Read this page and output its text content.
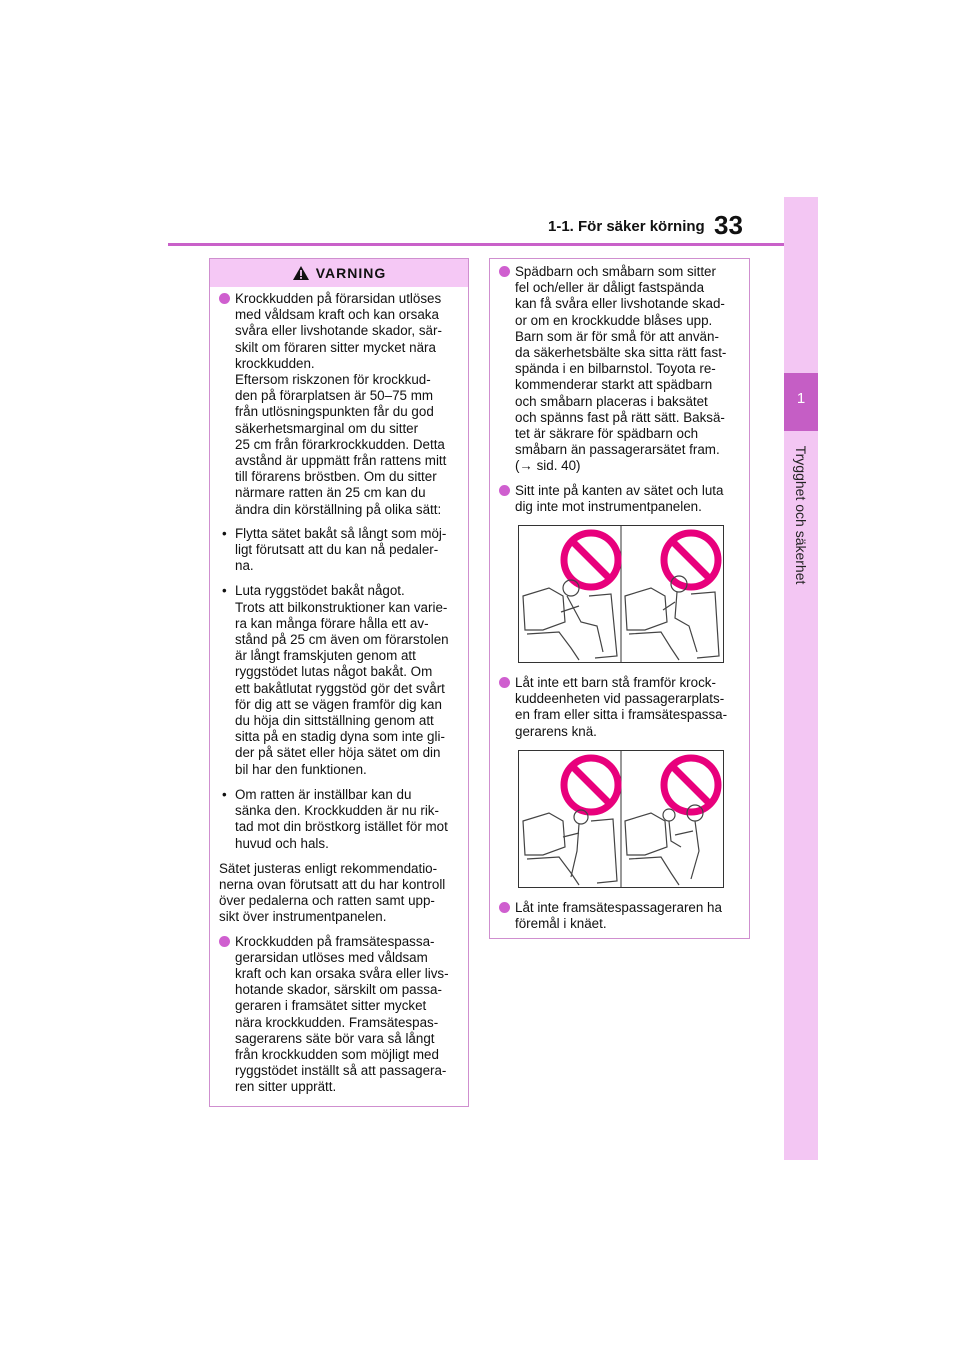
33
1-1. För säker körning
1
Trygghet och säkerhet
VARNING
Krockkudden på förarsidan utlöses
med våldsam kraft och kan orsaka
svåra eller livshotande skador, sär-
skilt om föraren sitter mycket nära
krockkudden.
Eftersom riskzonen för krockkud-
den på förarplatsen är 50–75 mm
från utlösningspunkten får du god
säkerhetsmarginal om du sitter
25 cm från förarkrockkudden. Detta
avstånd är uppmätt från rattens mitt
till förarens bröstben. Om du sitter
närmare ratten än 25 cm kan du
ändra din körställning på olika sätt:
• Flytta sätet bakåt så långt som möj-
ligt förutsatt att du kan nå pedaler-
na.
• Luta ryggstödet bakåt något.
Trots att bilkonstruktioner kan varie-
ra kan många förare hålla ett av-
stånd på 25 cm även om förarstolen
är långt framskjuten genom att
ryggstödet lutas något bakåt. Om
ett bakåtlutat ryggstöd gör det svårt
för dig att se vägen framför dig kan
du höja din sittställning genom att
sitta på en stadig dyna som inte gli-
der på sätet eller höja sätet om din
bil har den funktionen.
• Om ratten är inställbar kan du
sänka den. Krockkudden är nu rik-
tad mot din bröstkorg istället för mot
huvud och hals.
Sätet justeras enligt rekommendatio-
nerna ovan förutsatt att du har kontroll
över pedalerna och ratten samt upp-
sikt över instrumentpanelen.
Krockkudden på framsätespassa-
gerarsidan utlöses med våldsam
kraft och kan orsaka svåra eller livs-
hotande skador, särskilt om passa-
geraren i framsätet sitter mycket
nära krockkudden. Framsätespas-
sagerarens säte bör vara så långt
från krockkudden som möjligt med
ryggstödet inställt så att passagera-
ren sitter upprätt.
Spädbarn och småbarn som sitter
fel och/eller är dåligt fastspända
kan få svåra eller livshotande skad-
or om en krockkudde blåses upp.
Barn som är för små för att använ-
da säkerhetsbälte ska sitta rätt fast-
spända i en bilbarnstol. Toyota re-
kommenderar starkt att spädbarn
och småbarn placeras i baksätet
och spänns fast på rätt sätt. Baksä-
tet är säkrare för spädbarn och
småbarn än passagerarsätet fram.
(→ sid. 40)
Sitt inte på kanten av sätet och luta
dig inte mot instrumentpanelen.
Låt inte ett barn stå framför krock-
kuddeenheten vid passagerarplats-
en fram eller sitta i framsätespassa-
gerarens knä.
Låt inte framsätespassageraren ha
föremål i knäet.
